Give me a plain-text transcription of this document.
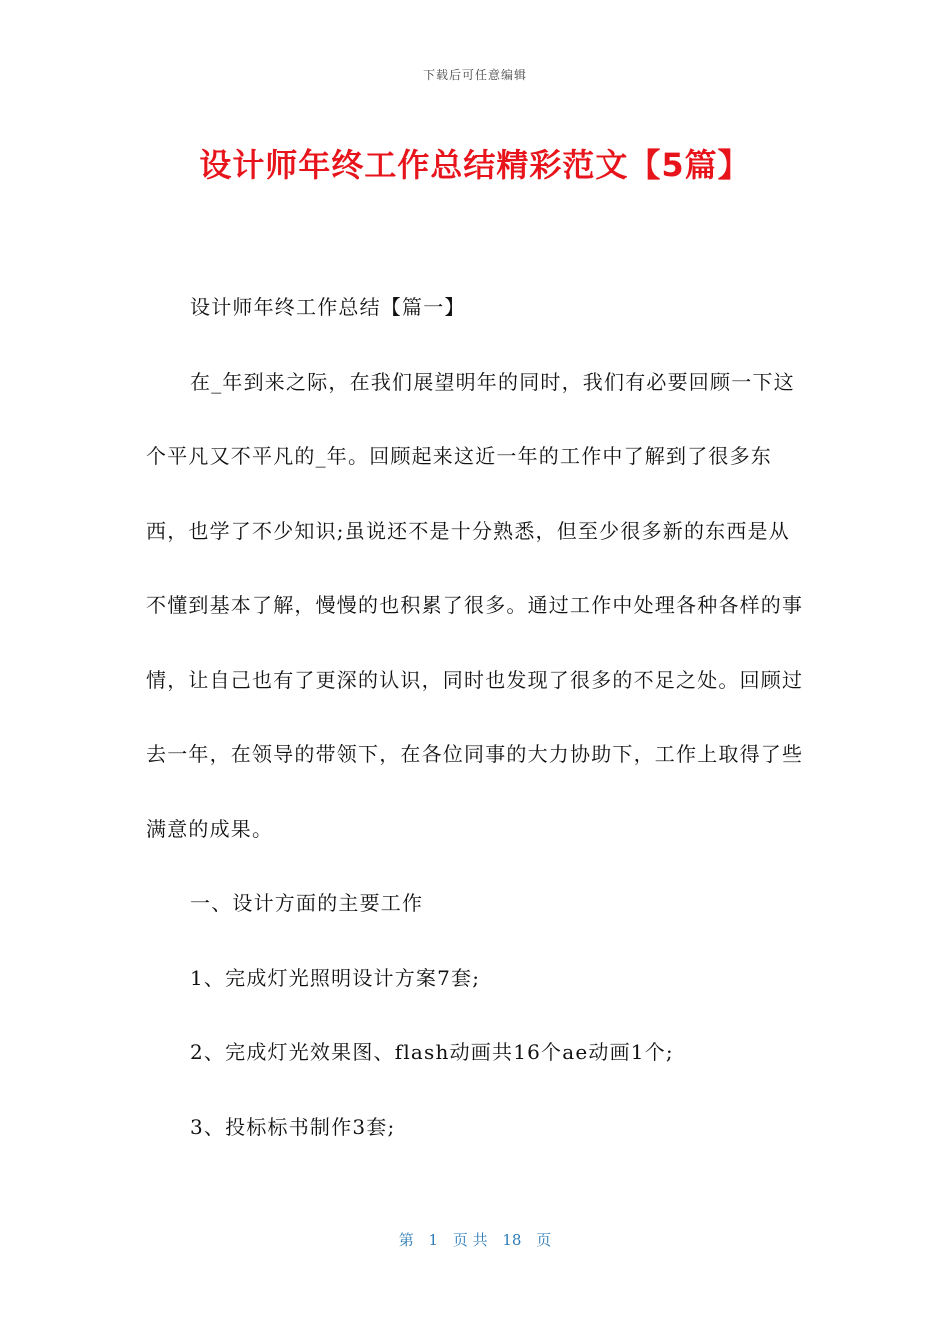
下载后可任意编辑
设计师年终工作总结精彩范文【5篇】

设计师年终工作总结【篇一】

在_年到来之际，在我们展望明年的同时，我们有必要回顾一下这个平凡又不平凡的_年。回顾起来这近一年的工作中了解到了很多东西，也学了不少知识;虽说还不是十分熟悉，但至少很多新的东西是从不懂到基本了解，慢慢的也积累了很多。通过工作中处理各种各样的事情，让自己也有了更深的认识，同时也发现了很多的不足之处。回顾过去一年，在领导的带领下，在各位同事的大力协助下，工作上取得了些满意的成果。

一、设计方面的主要工作

1、完成灯光照明设计方案7套;

2、完成灯光效果图、flash动画共16个ae动画1个;

3、投标标书制作3套;

第 1 页 共 18 页
